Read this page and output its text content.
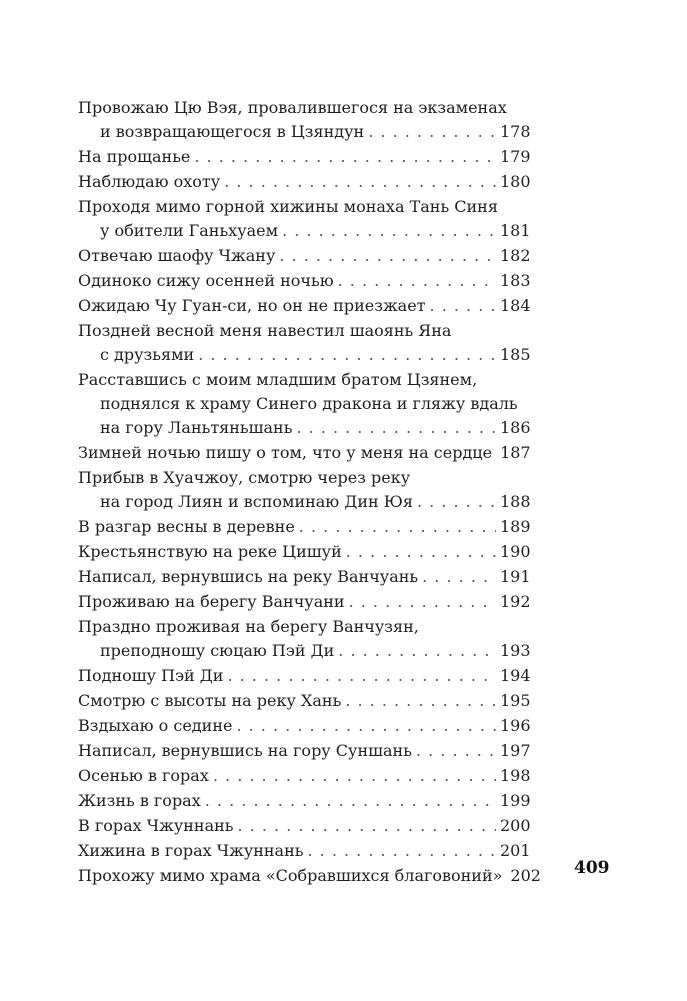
Провожаю Цю Вэя, провалившегося на экзаменах
и возвращающегося в Цзяндун . . .	178
На прощанье . . .	179
Наблюдаю охоту . . .	180
Проходя мимо горной хижины монаха Тань Синя
у обители Ганьхуаем . . .	181
Отвечаю шаофу Чжану . . .	182
Одиноко сижу осенней ночью . . .	183
Ожидаю Чу Гуан-си, но он не приезжает . . .	184
Поздней весной меня навестил шаоянь Яна
с друзьями . . .	185
Расставшись с моим младшим братом Цзянем,
поднялся к храму Синего дракона и гляжу вдаль
на гору Ланьтяньшань . . .	186
Зимней ночью пишу о том, что у меня на сердце 187
Прибыв в Хуачжоу, смотрю через реку
на город Лиян и вспоминаю Дин Юя . . .	188
В разгар весны в деревне . . .	189
Крестьянствую на реке Цишуй . . .	190
Написал, вернувшись на реку Ванчуань . . .	191
Проживаю на берегу Ванчуани . . .	192
Праздно проживая на берегу Ванчузян,
преподношу сюцаю Пэй Ди . . .	193
Подношу Пэй Ди . . .	194
Смотрю с высоты на реку Хань . . .	195
Вздыхаю о седине . . .	196
Написал, вернувшись на гору Суншань . . .	197
Осенью в горах . . .	198
Жизнь в горах . . .	199
В горах Чжуннань . . .	200
Хижина в горах Чжуннань . . .	201
Прохожу мимо храма «Собравшихся благовоний» 202 409
